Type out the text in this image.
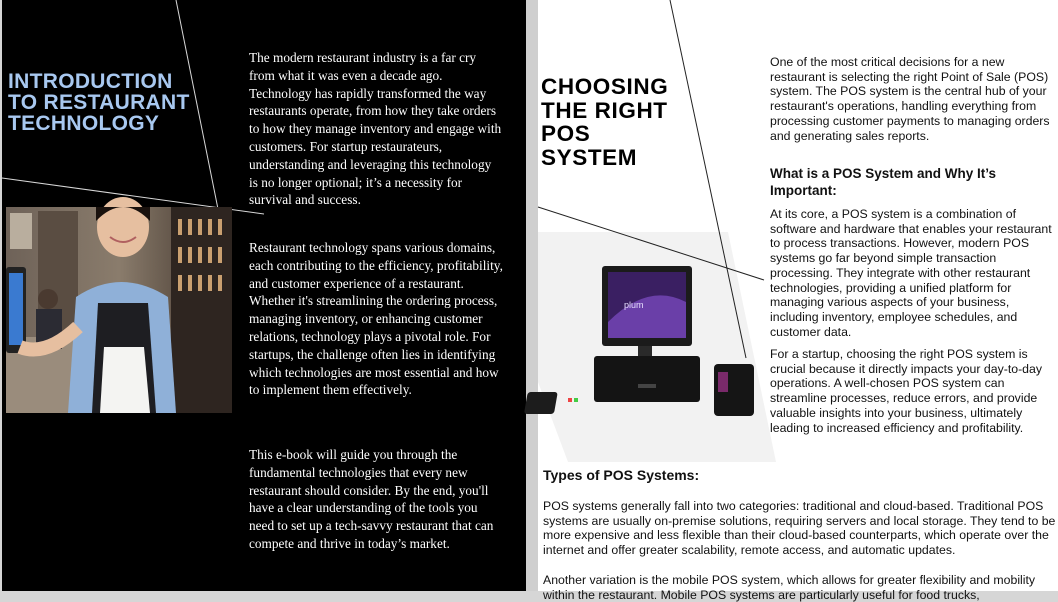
INTRODUCTION TO RESTAURANT TECHNOLOGY

The modern restaurant industry is a far cry from what it was even a decade ago. Technology has rapidly transformed the way restaurants operate, from how they take orders to how they manage inventory and engage with customers. For startup restaurateurs, understanding and leveraging this technology is no longer optional; it’s a necessity for survival and success.

Restaurant technology spans various domains, each contributing to the efficiency, profitability, and customer experience of a restaurant. Whether it's streamlining the ordering process, managing inventory, or enhancing customer relations, technology plays a pivotal role. For startups, the challenge often lies in identifying which technologies are most essential and how to implement them effectively.

This e-book will guide you through the fundamental technologies that every new restaurant should consider. By the end, you'll have a clear understanding of the tools you need to set up a tech-savvy restaurant that can compete and thrive in today’s market.

plum
CHOOSING THE RIGHT POS SYSTEM

One of the most critical decisions for a new restaurant is selecting the right Point of Sale (POS) system. The POS system is the central hub of your restaurant's operations, handling everything from processing customer payments to managing orders and generating sales reports.

What is a POS System and Why It’s Important:

At its core, a POS system is a combination of software and hardware that enables your restaurant to process transactions. However, modern POS systems go far beyond simple transaction processing. They integrate with other restaurant technologies, providing a unified platform for managing various aspects of your business, including inventory, employee schedules, and customer data.

For a startup, choosing the right POS system is crucial because it directly impacts your day-to-day operations. A well-chosen POS system can streamline processes, reduce errors, and provide valuable insights into your business, ultimately leading to increased efficiency and profitability.

Types of POS Systems:

POS systems generally fall into two categories: traditional and cloud-based. Traditional POS systems are usually on-premise solutions, requiring servers and local storage. They tend to be more expensive and less flexible than their cloud-based counterparts, which operate over the internet and offer greater scalability, remote access, and automatic updates.

Another variation is the mobile POS system, which allows for greater flexibility and mobility within the restaurant. Mobile POS systems are particularly useful for food trucks,
